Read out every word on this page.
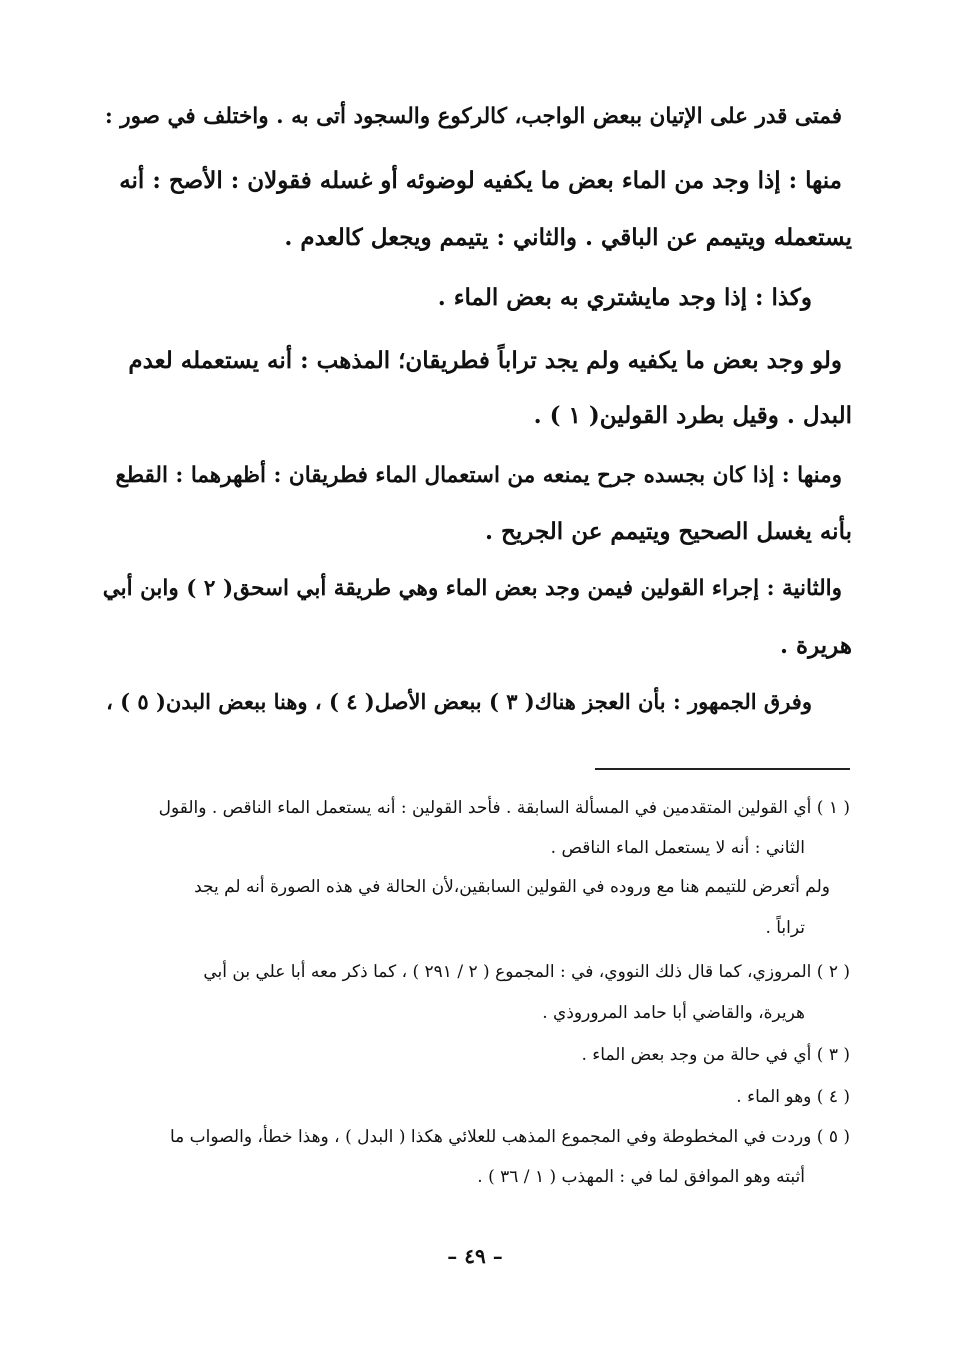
فمتى قدر على الإتيان ببعض الواجب، كالركوع والسجود أتى به . واختلف في صور :
منها : إذا وجد من الماء بعض ما يكفيه لوضوئه أو غسله فقولان : الأصح : أنه
يستعمله ويتيمم عن الباقي . والثاني : يتيمم ويجعل كالعدم .
وكذا : إذا وجد مايشتري به بعض الماء .
ولو وجد بعض ما يكفيه ولم يجد تراباً فطريقان؛ المذهب : أنه يستعمله لعدم
البدل . وقيل بطرد القولين( ١ ) .
ومنها : إذا كان بجسده جرح يمنعه من استعمال الماء فطريقان : أظهرهما : القطع
بأنه يغسل الصحيح ويتيمم عن الجريح .
والثانية : إجراء القولين فيمن وجد بعض الماء وهي طريقة أبي اسحق( ٢ ) وابن أبي
هريرة .
وفرق الجمهور : بأن العجز هناك( ٣ ) ببعض الأصل( ٤ ) ، وهنا ببعض البدن( ٥ ) ،
( ١ ) أي القولين المتقدمين في المسألة السابقة . فأحد القولين : أنه يستعمل الماء الناقص . والقول
الثاني : أنه لا يستعمل الماء الناقص .
ولم أتعرض للتيمم هنا مع وروده في القولين السابقين،لأن الحالة في هذه الصورة أنه لم يجد
تراباً .
( ٢ ) المروزي، كما قال ذلك النووي، في : المجموع ( ٢ / ٢٩١ ) ، كما ذكر معه أبا علي بن أبي
هريرة، والقاضي أبا حامد المروروذي .
( ٣ ) أي في حالة من وجد بعض الماء .
( ٤ ) وهو الماء .
( ٥ ) وردت في المخطوطة وفي المجموع المذهب للعلائي هكذا ( البدل ) ، وهذا خطأ، والصواب ما
أثبته وهو الموافق لما في : المهذب ( ١ / ٣٦ ) .
– ٤٩ –
